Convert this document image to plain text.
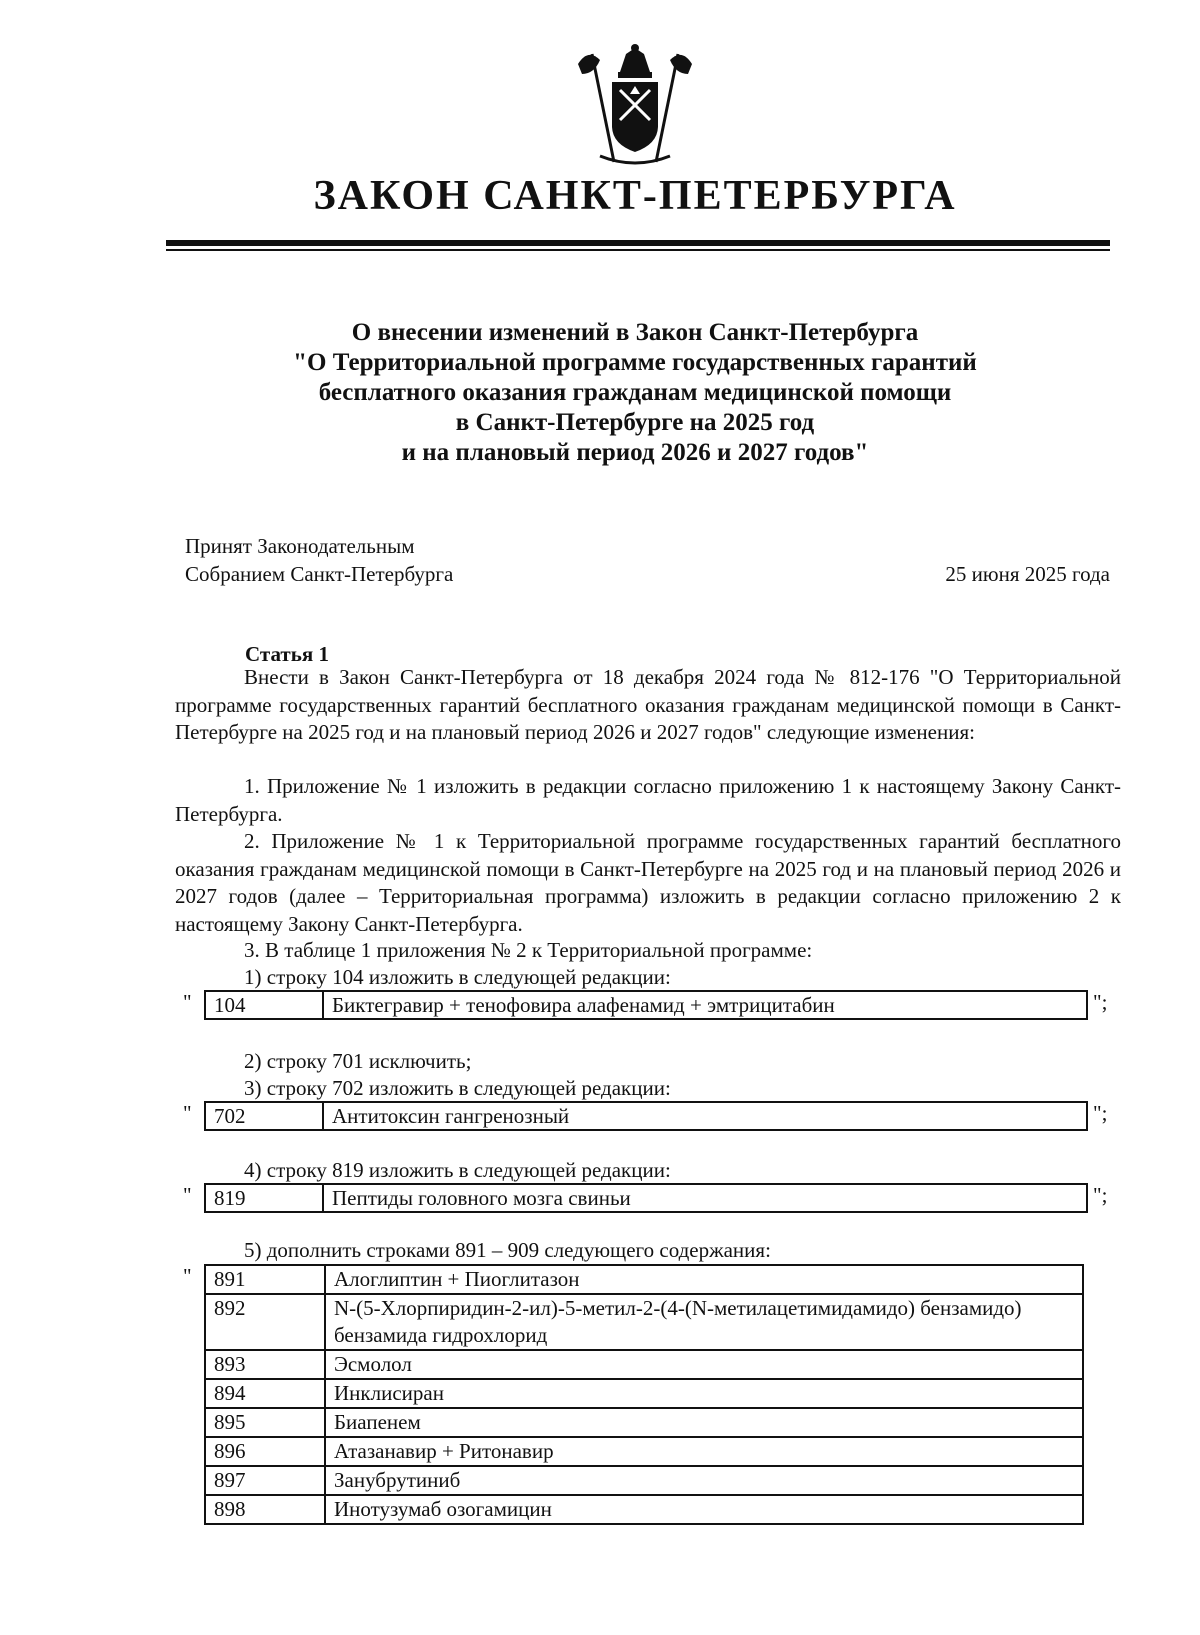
ЗАКОН САНКТ-ПЕТЕРБУРГА
О внесении изменений в Закон Санкт-Петербурга
"О Территориальной программе государственных гарантий
бесплатного оказания гражданам медицинской помощи
в Санкт-Петербурге на 2025 год
и на плановый период 2026 и 2027 годов"
Принят Законодательным
Собранием Санкт-Петербурга	25 июня 2025 года
Статья 1
Внести в Закон Санкт-Петербурга от 18 декабря 2024 года № 812-176 "О Территориальной программе государственных гарантий бесплатного оказания гражданам медицинской помощи в Санкт-Петербурге на 2025 год и на плановый период 2026 и 2027 годов" следующие изменения:
1. Приложение № 1 изложить в редакции согласно приложению 1 к настоящему Закону Санкт-Петербурга.
2. Приложение № 1 к Территориальной программе государственных гарантий бесплатного оказания гражданам медицинской помощи в Санкт-Петербурге на 2025 год и на плановый период 2026 и 2027 годов (далее – Территориальная программа) изложить в редакции согласно приложению 2 к настоящему Закону Санкт-Петербурга.
3. В таблице 1 приложения № 2 к Территориальной программе:
1) строку 104 изложить в следующей редакции:
"	104	Биктегравир + тенофовира алафенамид + эмтрицитабин	";
2) строку 701 исключить;
3) строку 702 изложить в следующей редакции:
"	702	Антитоксин гангренозный	";
4) строку 819 изложить в следующей редакции:
"	819	Пептиды головного мозга свиньи	";
5) дополнить строками 891 – 909 следующего содержания:
" 891	Алоглиптин + Пиоглитазон
892	N-(5-Хлорпиридин-2-ил)-5-метил-2-(4-(N-метилацетимидамидо) бензамидо) бензамида гидрохлорид
893	Эсмолол
894	Инклисиран
895	Биапенем
896	Атазанавир + Ритонавир
897	Занубрутиниб
898	Инотузумаб озогамицин
